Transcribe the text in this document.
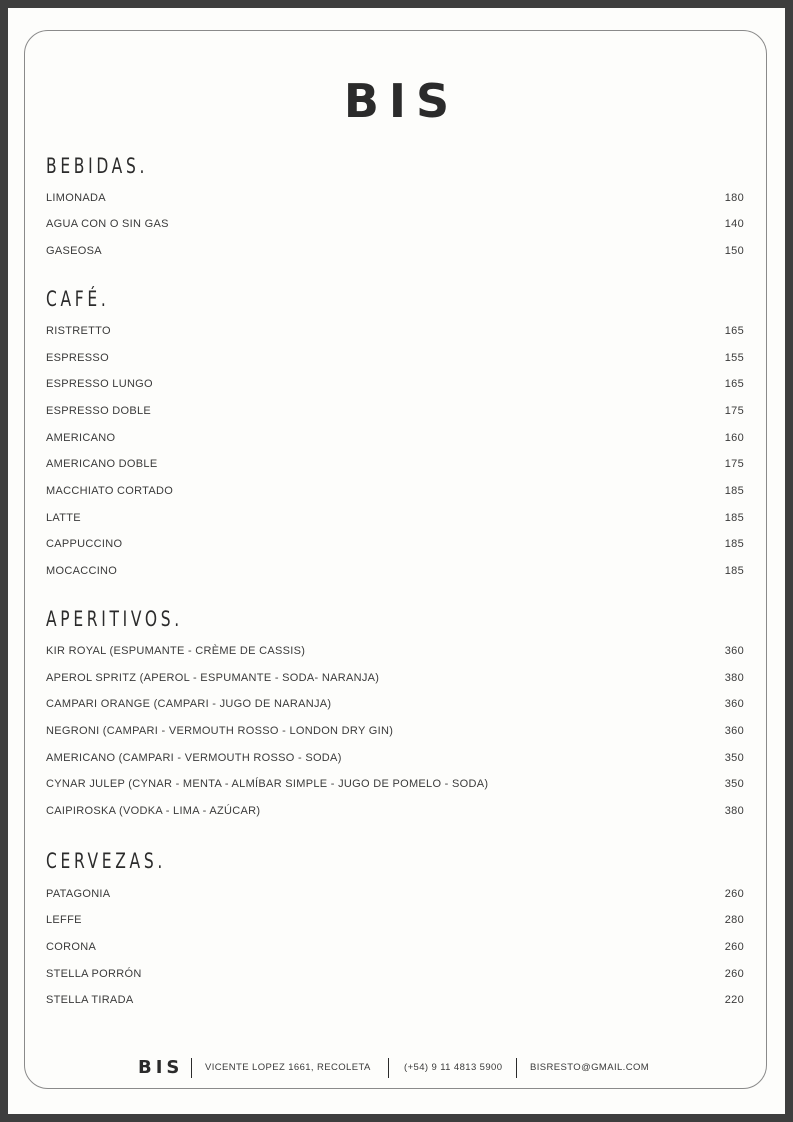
BIS
BEBIDAS.
LIMONADA	180
AGUA CON O SIN GAS	140
GASEOSA	150
CAFÉ.
RISTRETTO	165
ESPRESSO	155
ESPRESSO LUNGO	165
ESPRESSO DOBLE	175
AMERICANO	160
AMERICANO DOBLE	175
MACCHIATO CORTADO	185
LATTE	185
CAPPUCCINO	185
MOCACCINO	185
APERITIVOS.
KIR ROYAL (ESPUMANTE - CRÈME DE CASSIS)	360
APEROL SPRITZ (APEROL - ESPUMANTE - SODA- NARANJA)	380
CAMPARI ORANGE (CAMPARI - JUGO DE NARANJA)	360
NEGRONI (CAMPARI - VERMOUTH ROSSO - LONDON DRY GIN)	360
AMERICANO (CAMPARI - VERMOUTH ROSSO - SODA)	350
CYNAR JULEP (CYNAR - MENTA - ALMÍBAR SIMPLE - JUGO DE POMELO - SODA)	350
CAIPIROSKA (VODKA - LIMA - AZÚCAR)	380
CERVEZAS.
PATAGONIA	260
LEFFE	280
CORONA	260
STELLA PORRÓN	260
STELLA TIRADA	220
BIS VICENTE LOPEZ 1661, RECOLETA	(+54) 9 11 4813 5900	BISRESTO@GMAIL.COM
